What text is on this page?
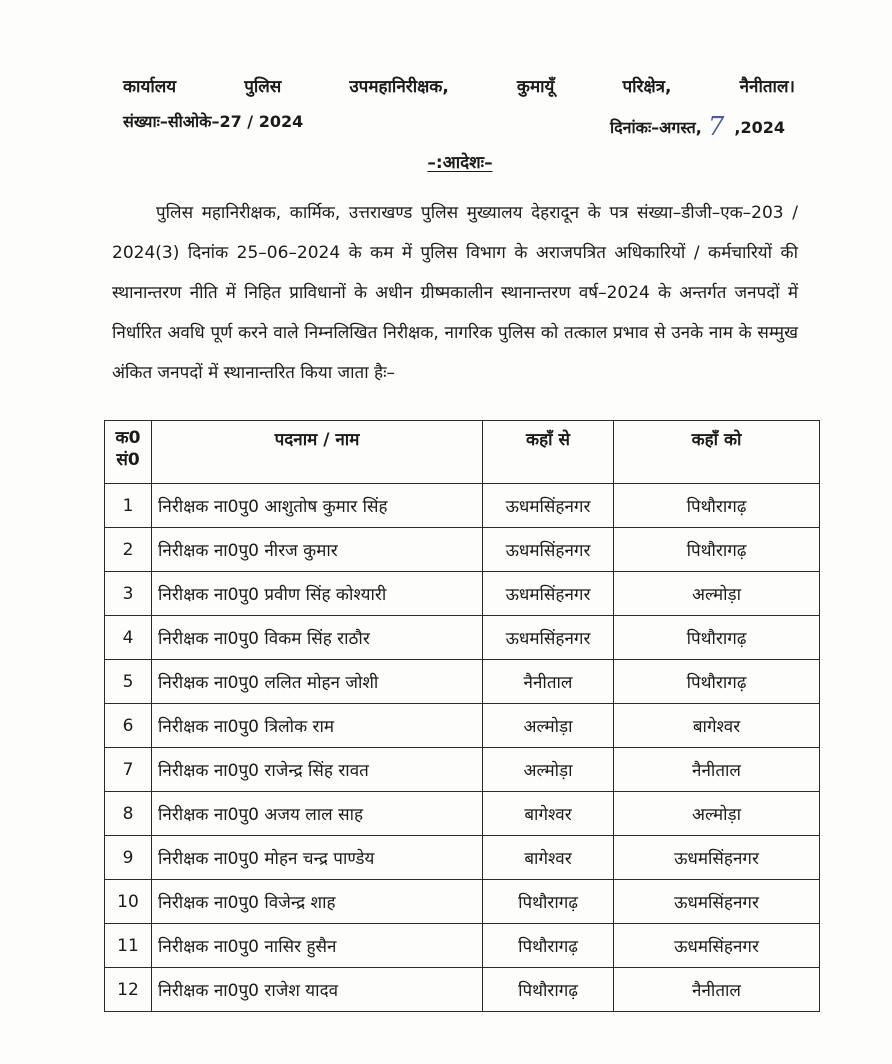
कार्यालय	पुलिस	उपमहानिरीक्षक,	कुमायूँ	परिक्षेत्र,	नैनीताल।
संख्याः–सीओके–27 / 2024	दिनांकः–अगस्त, 7 ,2024
–:आदेशः–

पुलिस महानिरीक्षक, कार्मिक, उत्तराखण्ड पुलिस मुख्यालय देहरादून के पत्र संख्या–डीजी–एक–203 / 2024(3) दिनांक 25–06–2024 के कम में पुलिस विभाग के अराजपत्रित अधिकारियों / कर्मचारियों की स्थानान्तरण नीति में निहित प्राविधानों के अधीन ग्रीष्मकालीन स्थानान्तरण वर्ष–2024 के अन्तर्गत जनपदों में निर्धारित अवधि पूर्ण करने वाले निम्नलिखित निरीक्षक, नागरिक पुलिस को तत्काल प्रभाव से उनके नाम के सम्मुख अंकित जनपदों में स्थानान्तरित किया जाता हैः–

क0
सं0	पदनाम / नाम	कहाँ से	कहाँ को
1	निरीक्षक ना0पु0 आशुतोष कुमार सिंह	ऊधमसिंहनगर	पिथौरागढ़
2	निरीक्षक ना0पु0 नीरज कुमार	ऊधमसिंहनगर	पिथौरागढ़
3	निरीक्षक ना0पु0 प्रवीण सिंह कोश्यारी	ऊधमसिंहनगर	अल्मोड़ा
4	निरीक्षक ना0पु0 विकम सिंह राठौर	ऊधमसिंहनगर	पिथौरागढ़
5	निरीक्षक ना0पु0 ललित मोहन जोशी	नैनीताल	पिथौरागढ़
6	निरीक्षक ना0पु0 त्रिलोक राम	अल्मोड़ा	बागेश्वर
7	निरीक्षक ना0पु0 राजेन्द्र सिंह रावत	अल्मोड़ा	नैनीताल
8	निरीक्षक ना0पु0 अजय लाल साह	बागेश्वर	अल्मोड़ा
9	निरीक्षक ना0पु0 मोहन चन्द्र पाण्डेय	बागेश्वर	ऊधमसिंहनगर
10	निरीक्षक ना0पु0 विजेन्द्र शाह	पिथौरागढ़	ऊधमसिंहनगर
11	निरीक्षक ना0पु0 नासिर हुसैन	पिथौरागढ़	ऊधमसिंहनगर
12	निरीक्षक ना0पु0 राजेश यादव	पिथौरागढ़	नैनीताल
